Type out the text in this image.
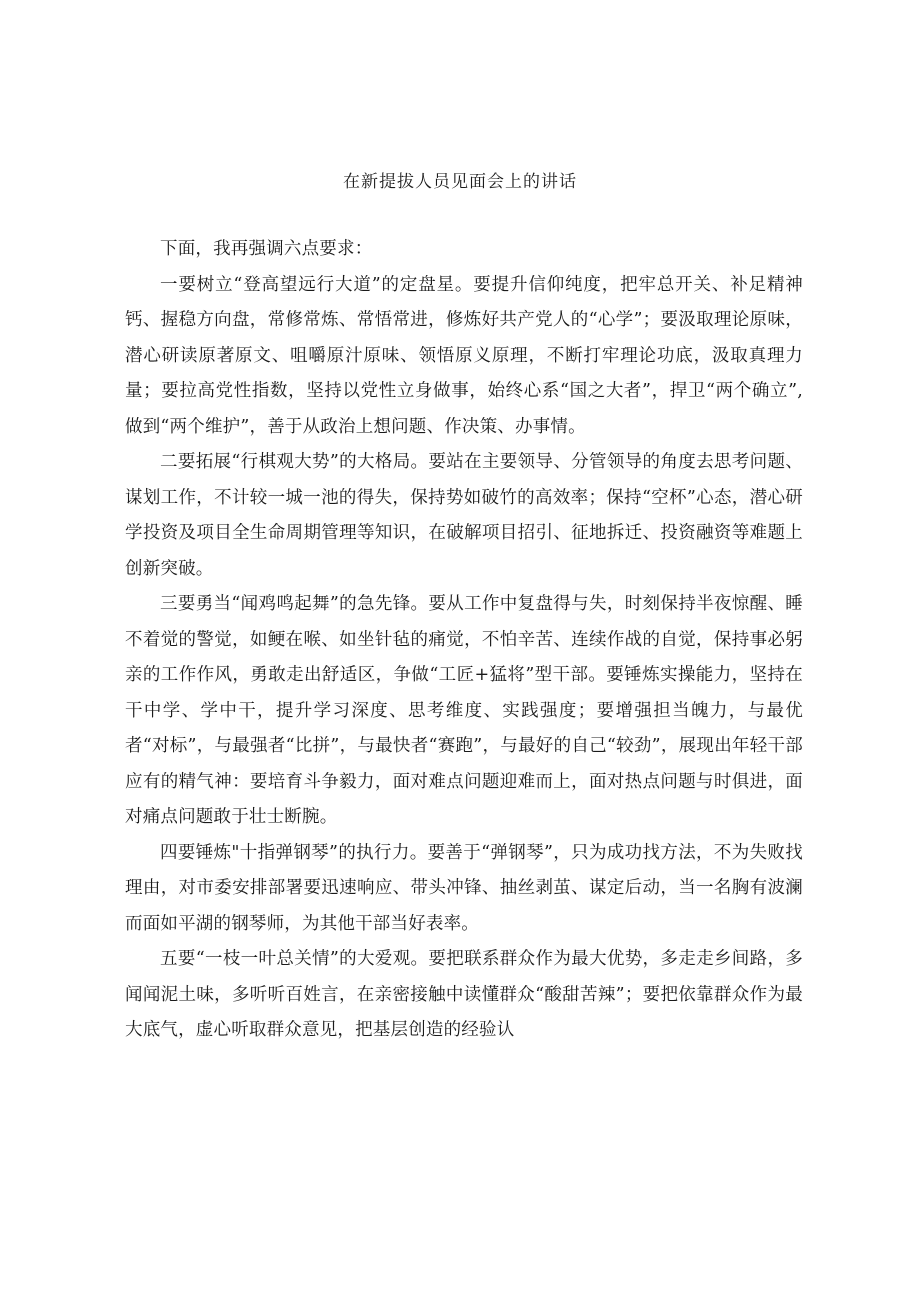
在新提拔人员见面会上的讲话

下面，我再强调六点要求：

一要树立“登高望远行大道”的定盘星。要提升信仰纯度，把牢总开关、补足精神钙、握稳方向盘，常修常炼、常悟常进，修炼好共产党人的“心学”；要汲取理论原味，潜心研读原著原文、咀嚼原汁原味、领悟原义原理，不断打牢理论功底，汲取真理力量；要拉高党性指数，坚持以党性立身做事，始终心系“国之大者”，捍卫“两个确立”,做到“两个维护”，善于从政治上想问题、作决策、办事情。

二要拓展“行棋观大势”的大格局。要站在主要领导、分管领导的角度去思考问题、谋划工作，不计较一城一池的得失，保持势如破竹的高效率；保持“空杯”心态，潜心研学投资及项目全生命周期管理等知识，在破解项目招引、征地拆迁、投资融资等难题上创新突破。

三要勇当“闻鸡鸣起舞”的急先锋。要从工作中复盘得与失，时刻保持半夜惊醒、睡不着觉的警觉，如鲠在喉、如坐针毡的痛觉，不怕辛苦、连续作战的自觉，保持事必躬亲的工作作风，勇敢走出舒适区，争做“工匠+猛将”型干部。要锤炼实操能力，坚持在干中学、学中干，提升学习深度、思考维度、实践强度；要增强担当魄力，与最优者“对标”，与最强者“比拼”，与最快者“赛跑”，与最好的自己“较劲”，展现出年轻干部应有的精气神：要培育斗争毅力，面对难点问题迎难而上，面对热点问题与时俱进，面对痛点问题敢于壮士断腕。

四要锤炼"十指弹钢琴”的执行力。要善于“弹钢琴”，只为成功找方法，不为失败找理由，对市委安排部署要迅速响应、带头冲锋、抽丝剥茧、谋定后动，当一名胸有波澜而面如平湖的钢琴师，为其他干部当好表率。

五要“一枝一叶总关情”的大爱观。要把联系群众作为最大优势，多走走乡间路，多闻闻泥土味，多听听百姓言，在亲密接触中读懂群众“酸甜苦辣”；要把依靠群众作为最大底气，虚心听取群众意见，把基层创造的经验认
